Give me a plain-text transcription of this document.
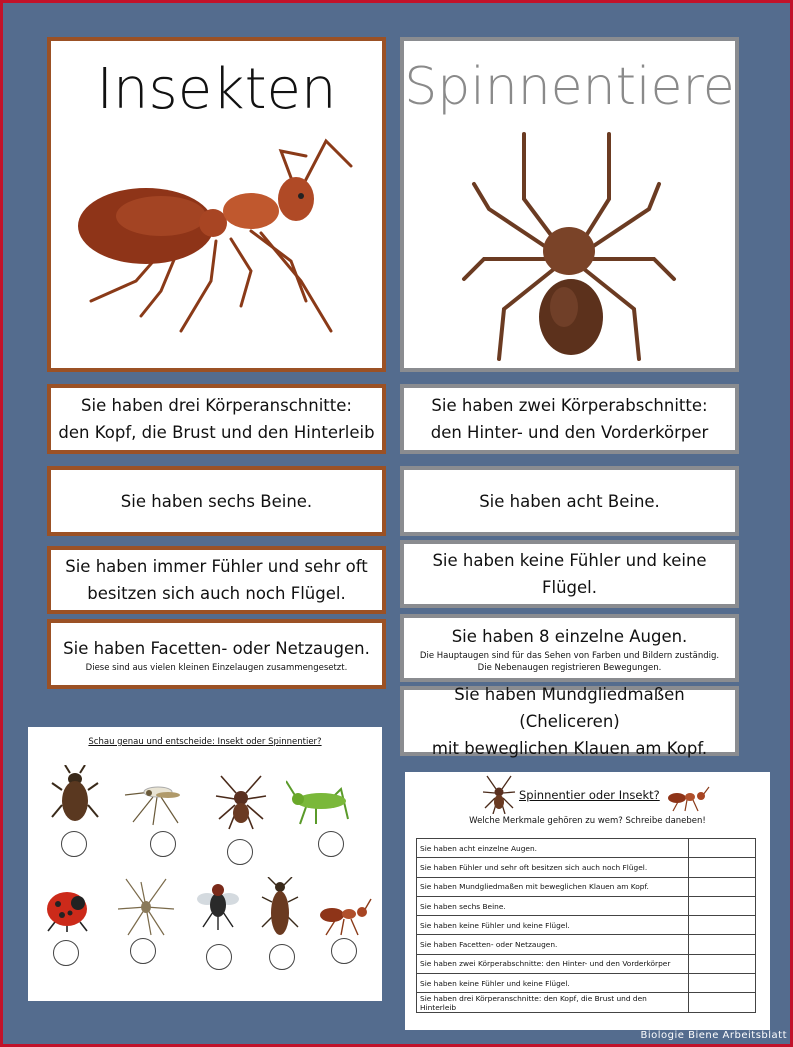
Insekten	Spinnentiere
Sie haben drei Körperanschnitte:
den Kopf, die Brust und den Hinterleib
Sie haben sechs Beine.
Sie haben immer Fühler und sehr oft
besitzen sich auch noch Flügel.
Sie haben Facetten- oder Netzaugen.
Diese sind aus vielen kleinen Einzelaugen zusammengesetzt.
Sie haben zwei Körperabschnitte:
den Hinter- und den Vorderkörper
Sie haben acht Beine.
Sie haben keine Fühler und keine Flügel.
Sie haben 8 einzelne Augen.
Die Hauptaugen sind für das Sehen von Farben und Bildern zuständig.
Die Nebenaugen registrieren Bewegungen.
Sie haben Mundgliedmaßen (Cheliceren)
mit beweglichen Klauen am Kopf.
Schau genau und entscheide: Insekt oder Spinnentier?
Spinnentier oder Insekt?
Welche Merkmale gehören zu wem? Schreibe daneben!
Sie haben acht einzelne Augen.	
Sie haben Fühler und sehr oft besitzen sich auch noch Flügel.	
Sie haben Mundgliedmaßen mit beweglichen Klauen am Kopf.	
Sie haben sechs Beine.	
Sie haben keine Fühler und keine Flügel.	
Sie haben Facetten- oder Netzaugen.	
Sie haben zwei Körperabschnitte: den Hinter- und den Vorderkörper	
Sie haben keine Fühler und keine Flügel.	
Sie haben drei Körperanschnitte: den Kopf, die Brust und den Hinterleib	
Biologie Biene Arbeitsblatt
